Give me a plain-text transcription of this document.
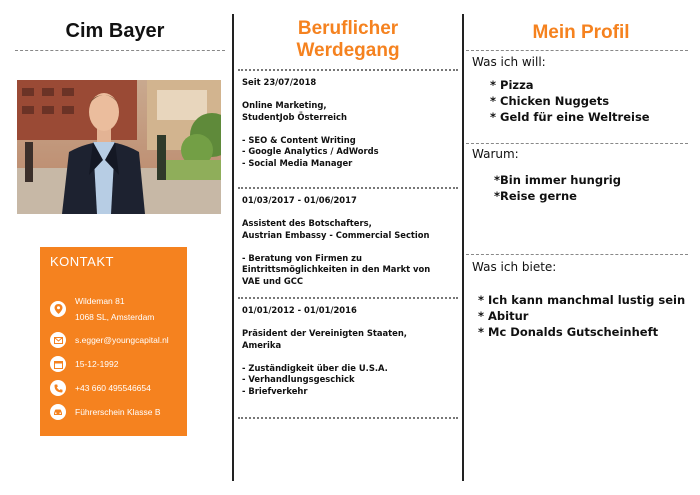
Cim Bayer
KONTAKT
Wildeman 81
1068 SL, Amsterdam
s.egger@youngcapital.nl
15-12-1992
+43 660 495546654
Führerschein Klasse B
Beruflicher
Werdegang
Seit 23/07/2018
Online Marketing,
StudentJob Österreich
- SEO & Content Writing
- Google Analytics / AdWords
- Social Media Manager
01/03/2017 - 01/06/2017
Assistent des Botschafters,
Austrian Embassy - Commercial Section
- Beratung von Firmen zu
Eintrittsmöglichkeiten in den Markt von
VAE und GCC
01/01/2012 - 01/01/2016
Präsident der Vereinigten Staaten,
Amerika
- Zuständigkeit über die U.S.A.
- Verhandlungsgeschick
- Briefverkehr
Mein Profil
Was ich will:
* Pizza
* Chicken Nuggets
* Geld für eine Weltreise
Warum:
*Bin immer hungrig
*Reise gerne
Was ich biete:
* Ich kann manchmal lustig sein
* Abitur
* Mc Donalds Gutscheinheft
